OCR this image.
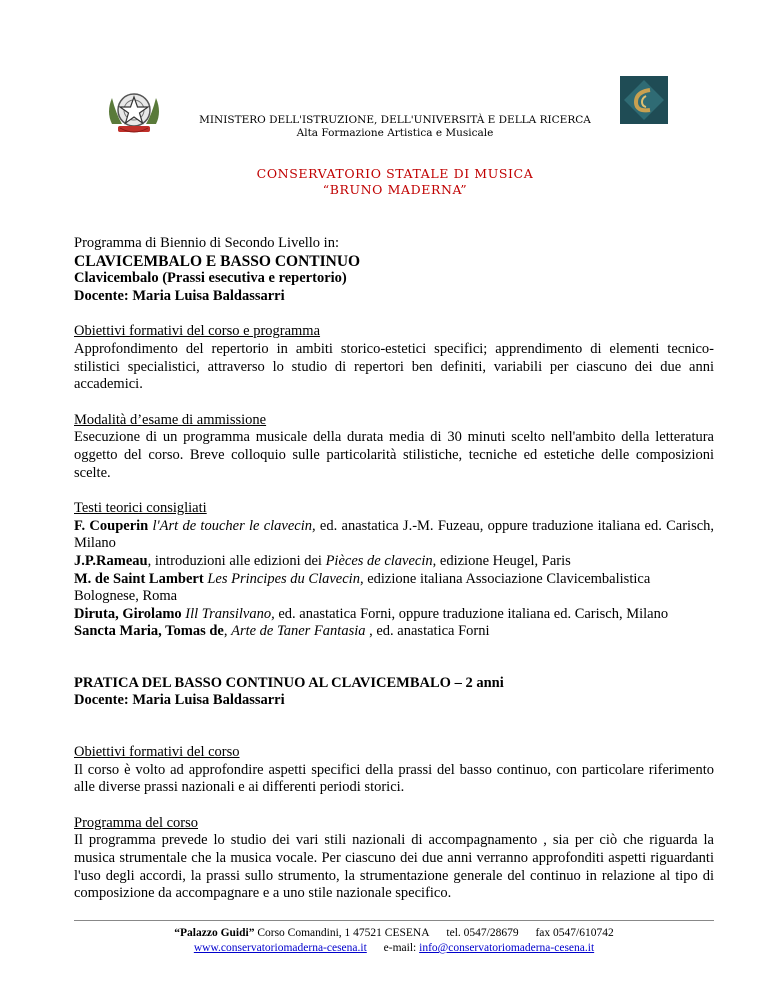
MINISTERO DELL'ISTRUZIONE, DELL'UNIVERSITÀ E DELLA RICERCA
Alta Formazione Artistica e Musicale
CONSERVATORIO STATALE DI MUSICA
“BRUNO MADERNA”

Programma di Biennio di Secondo Livello in:

CLAVICEMBALO E BASSO CONTINUO

Clavicembalo (Prassi esecutiva e repertorio)

Docente: Maria Luisa Baldassarri

Obiettivi formativi del corso e programma

Approfondimento del repertorio in ambiti storico-estetici specifici; apprendimento di elementi tecnico-stilistici specialistici, attraverso lo studio di repertori ben definiti, variabili per ciascuno dei due anni accademici.

Modalità d’esame di ammissione

Esecuzione di un programma musicale della durata media di 30 minuti scelto nell'ambito della letteratura oggetto del corso. Breve colloquio sulle particolarità stilistiche, tecniche ed estetiche delle composizioni scelte.

Testi teorici consigliati

F. Couperin l'Art de toucher le clavecin, ed. anastatica J.-M. Fuzeau, oppure traduzione italiana ed. Carisch, Milano

J.P.Rameau, introduzioni alle edizioni dei Pièces de clavecin, edizione Heugel, Paris

M. de Saint Lambert Les Principes du Clavecin, edizione italiana Associazione Clavicembalistica Bolognese, Roma

Diruta, Girolamo Ill Transilvano, ed. anastatica Forni, oppure traduzione italiana ed. Carisch, Milano

Sancta Maria, Tomas de, Arte de Taner Fantasia , ed. anastatica Forni

PRATICA DEL BASSO CONTINUO AL CLAVICEMBALO – 2 anni

Docente: Maria Luisa Baldassarri

Obiettivi formativi del corso

Il corso è volto ad approfondire aspetti specifici della prassi del basso continuo, con particolare riferimento alle diverse prassi nazionali e ai differenti periodi storici.

Programma del corso

Il programma prevede lo studio dei vari stili nazionali di accompagnamento , sia per ciò che riguarda la musica strumentale che la musica vocale. Per ciascuno dei due anni verranno approfonditi aspetti riguardanti l'uso degli accordi, la prassi sullo strumento, la strumentazione generale del continuo in relazione al tipo di composizione da accompagnare e a uno stile nazionale specifico.

“Palazzo Guidi” Corso Comandini, 1 47521 CESENA tel. 0547/28679 fax 0547/610742
www.conservatoriomaderna-cesena.it e-mail: info@conservatoriomaderna-cesena.it
